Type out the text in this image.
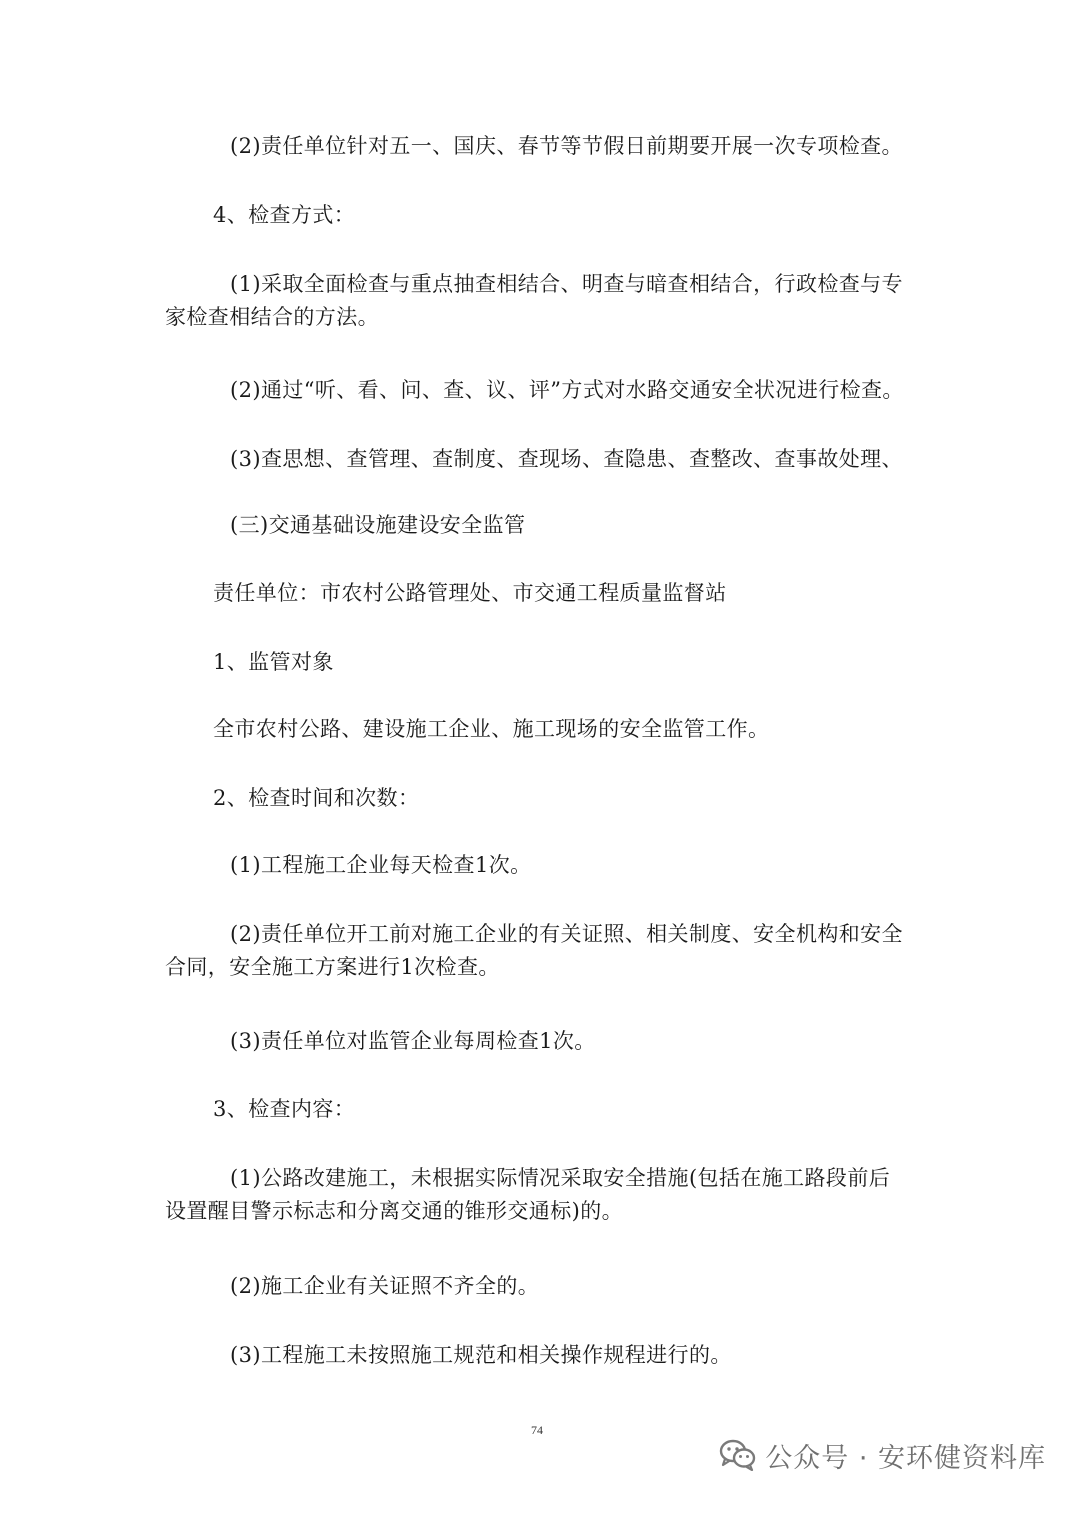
(2)责任单位针对五一、国庆、春节等节假日前期要开展一次专项检查。
4、检查方式：
(1)采取全面检查与重点抽查相结合、明查与暗查相结合，行政检查与专
家检查相结合的方法。
(2)通过“听、看、问、查、议、评”方式对水路交通安全状况进行检查。
(3)查思想、查管理、查制度、查现场、查隐患、查整改、查事故处理、
(三)交通基础设施建设安全监管
责任单位：市农村公路管理处、市交通工程质量监督站
1、监管对象
全市农村公路、建设施工企业、施工现场的安全监管工作。
2、检查时间和次数：
(1)工程施工企业每天检查1次。
(2)责任单位开工前对施工企业的有关证照、相关制度、安全机构和安全
合同，安全施工方案进行1次检查。
(3)责任单位对监管企业每周检查1次。
3、检查内容：
(1)公路改建施工，未根据实际情况采取安全措施(包括在施工路段前后
设置醒目警示标志和分离交通的锥形交通标)的。
(2)施工企业有关证照不齐全的。
(3)工程施工未按照施工规范和相关操作规程进行的。
74
公众号 · 安环健资料库
